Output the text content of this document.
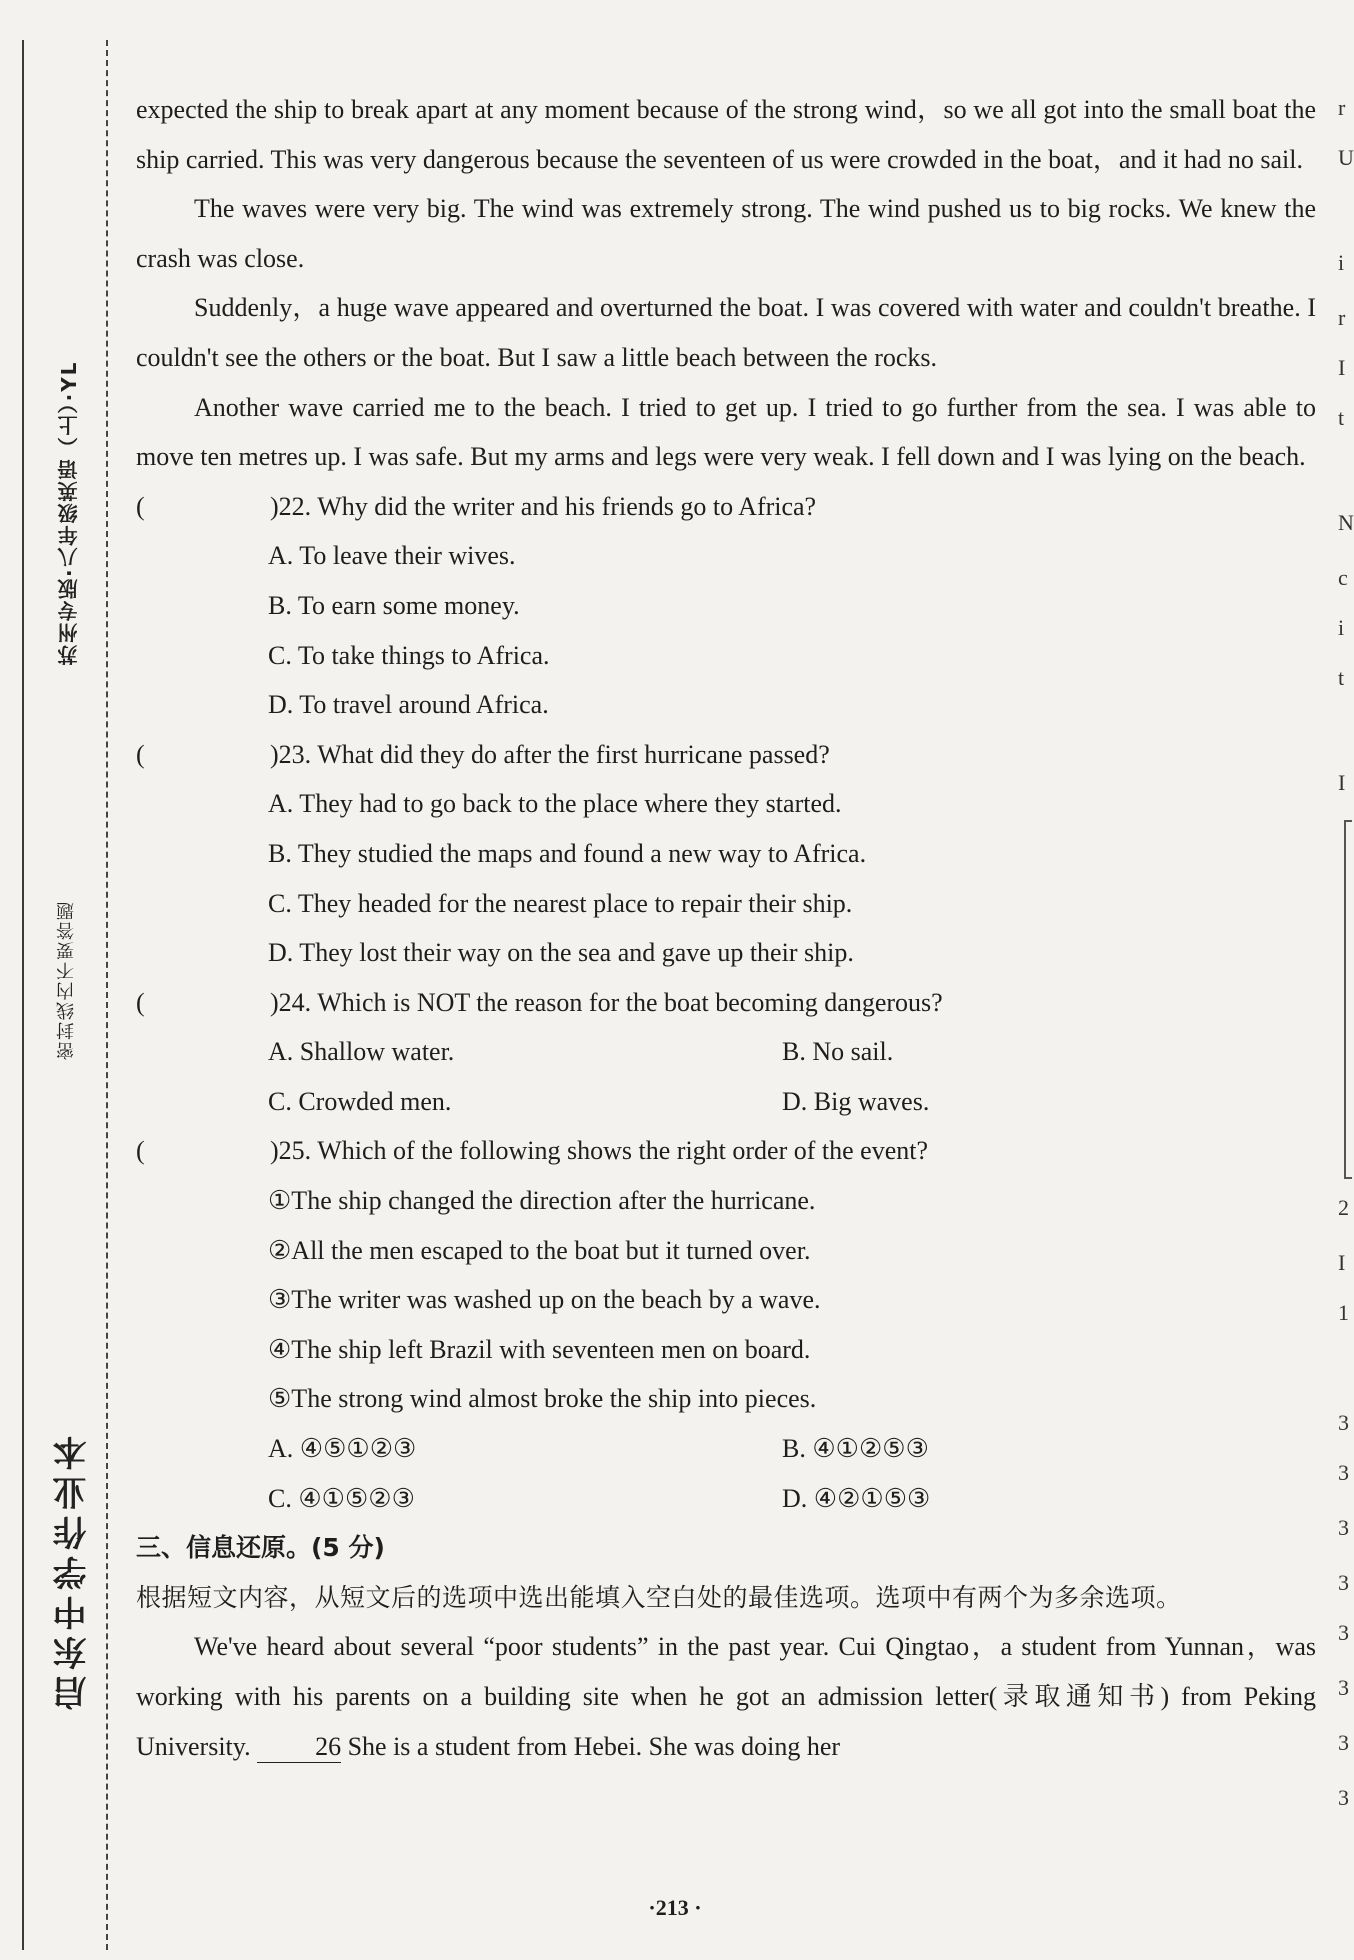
苏州专版·八年级英语（上）·YL
密封线内不要答题
启东中学作业本

expected the ship to break apart at any moment because of the strong wind，so we all got into the small boat the ship carried. This was very dangerous because the seventeen of us were crowded in the boat，and it had no sail.

The waves were very big. The wind was extremely strong. The wind pushed us to big rocks. We knew the crash was close.

Suddenly，a huge wave appeared and overturned the boat. I was covered with water and couldn't breathe. I couldn't see the others or the boat. But I saw a little beach between the rocks.

Another wave carried me to the beach. I tried to get up. I tried to go further from the sea. I was able to move ten metres up. I was safe. But my arms and legs were very weak. I fell down and I was lying on the beach.

(	)22. Why did the writer and his friends go to Africa?

A. To leave their wives.

B. To earn some money.

C. To take things to Africa.

D. To travel around Africa.

(	)23. What did they do after the first hurricane passed?

A. They had to go back to the place where they started.

B. They studied the maps and found a new way to Africa.

C. They headed for the nearest place to repair their ship.

D. They lost their way on the sea and gave up their ship.

(	)24. Which is NOT the reason for the boat becoming dangerous?

A. Shallow water.	B. No sail.

C. Crowded men.	D. Big waves.

(	)25. Which of the following shows the right order of the event?

①The ship changed the direction after the hurricane.

②All the men escaped to the boat but it turned over.

③The writer was washed up on the beach by a wave.

④The ship left Brazil with seventeen men on board.

⑤The strong wind almost broke the ship into pieces.

A. ④⑤①②③	B. ④①②⑤③

C. ④①⑤②③	D. ④②①⑤③

三、信息还原。(5 分)

根据短文内容，从短文后的选项中选出能填入空白处的最佳选项。选项中有两个为多余选项。

We've heard about several “poor students” in the past year. Cui Qingtao，a student from Yunnan，was working with his parents on a building site when he got an admission letter(录取通知书) from Peking University. 26 She is a student from Hebei. She was doing her

·213 ·
r
U
i
r
I
t
N
c
i
t
I
2
I
1
3
3
3
3
3
3
3
3
